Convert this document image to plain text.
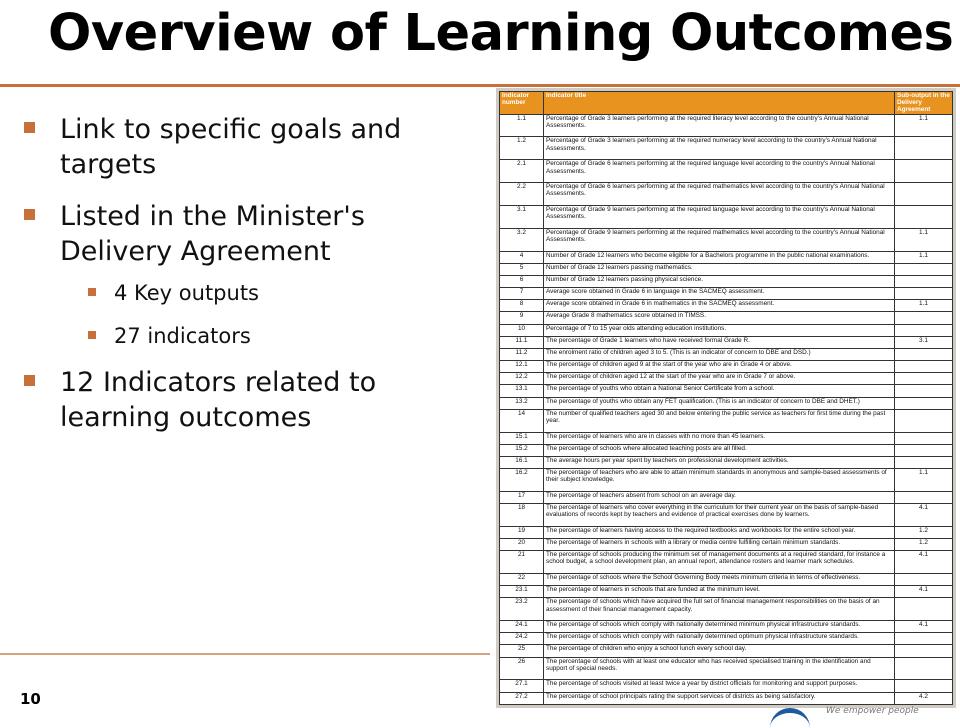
Overview of Learning Outcomes
Link to specific goals and targets
Listed in the Minister's Delivery Agreement
4 Key outputs
27 indicators
12 Indicators related to learning outcomes
Indicator number	Indicator title	Sub-output in the Delivery Agreement
1.1	Percentage of Grade 3 learners performing at the required literacy level according to the country's Annual National Assessments.	1.1
1.2	Percentage of Grade 3 learners performing at the required numeracy level according to the country's Annual National Assessments.	
2.1	Percentage of Grade 6 learners performing at the required language level according to the country's Annual National Assessments.	
2.2	Percentage of Grade 6 learners performing at the required mathematics level according to the country's Annual National Assessments.	
3.1	Percentage of Grade 9 learners performing at the required language level according to the country's Annual National Assessments.	
3.2	Percentage of Grade 9 learners performing at the required mathematics level according to the country's Annual National Assessments.	1.1
4	Number of Grade 12 learners who become eligible for a Bachelors programme in the public national examinations.	1.1
5	Number of Grade 12 learners passing mathematics.	
6	Number of Grade 12 learners passing physical science.	
7	Average score obtained in Grade 6 in language in the SACMEQ assessment.	
8	Average score obtained in Grade 6 in mathematics in the SACMEQ assessment.	1.1
9	Average Grade 8 mathematics score obtained in TIMSS.	
10	Percentage of 7 to 15 year olds attending education institutions.	
11.1	The percentage of Grade 1 learners who have received formal Grade R.	3.1
11.2	The enrolment ratio of children aged 3 to 5. (This is an indicator of concern to DBE and DSD.)	
12.1	The percentage of children aged 9 at the start of the year who are in Grade 4 or above.	
12.2	The percentage of children aged 12 at the start of the year who are in Grade 7 or above.	
13.1	The percentage of youths who obtain a National Senior Certificate from a school.	
13.2	The percentage of youths who obtain any FET qualification. (This is an indicator of concern to DBE and DHET.)	
14	The number of qualified teachers aged 30 and below entering the public service as teachers for first time during the past year.	
15.1	The percentage of learners who are in classes with no more than 45 learners.	
15.2	The percentage of schools where allocated teaching posts are all filled.	
16.1	The average hours per year spent by teachers on professional development activities.	
16.2	The percentage of teachers who are able to attain minimum standards in anonymous and sample-based assessments of their subject knowledge.	1.1
17	The percentage of teachers absent from school on an average day.	
18	The percentage of learners who cover everything in the curriculum for their current year on the basis of sample-based evaluations of records kept by teachers and evidence of practical exercises done by learners.	4.1
19	The percentage of learners having access to the required textbooks and workbooks for the entire school year.	1.2
20	The percentage of learners in schools with a library or media centre fulfilling certain minimum standards.	1.2
21	The percentage of schools producing the minimum set of management documents at a required standard, for instance a school budget, a school development plan, an annual report, attendance rosters and learner mark schedules.	4.1
22	The percentage of schools where the School Governing Body meets minimum criteria in terms of effectiveness.	
23.1	The percentage of learners in schools that are funded at the minimum level.	4.1
23.2	The percentage of schools which have acquired the full set of financial management responsibilities on the basis of an assessment of their financial management capacity.	
24.1	The percentage of schools which comply with nationally determined minimum physical infrastructure standards.	4.1
24.2	The percentage of schools which comply with nationally determined optimum physical infrastructure standards.	
25	The percentage of children who enjoy a school lunch every school day.	
26	The percentage of schools with at least one educator who has received specialised training in the identification and support of special needs.	
27.1	The percentage of schools visited at least twice a year by district officials for monitoring and support purposes.	
27.2	The percentage of school principals rating the support services of districts as being satisfactory.	4.2
10
We empower people
